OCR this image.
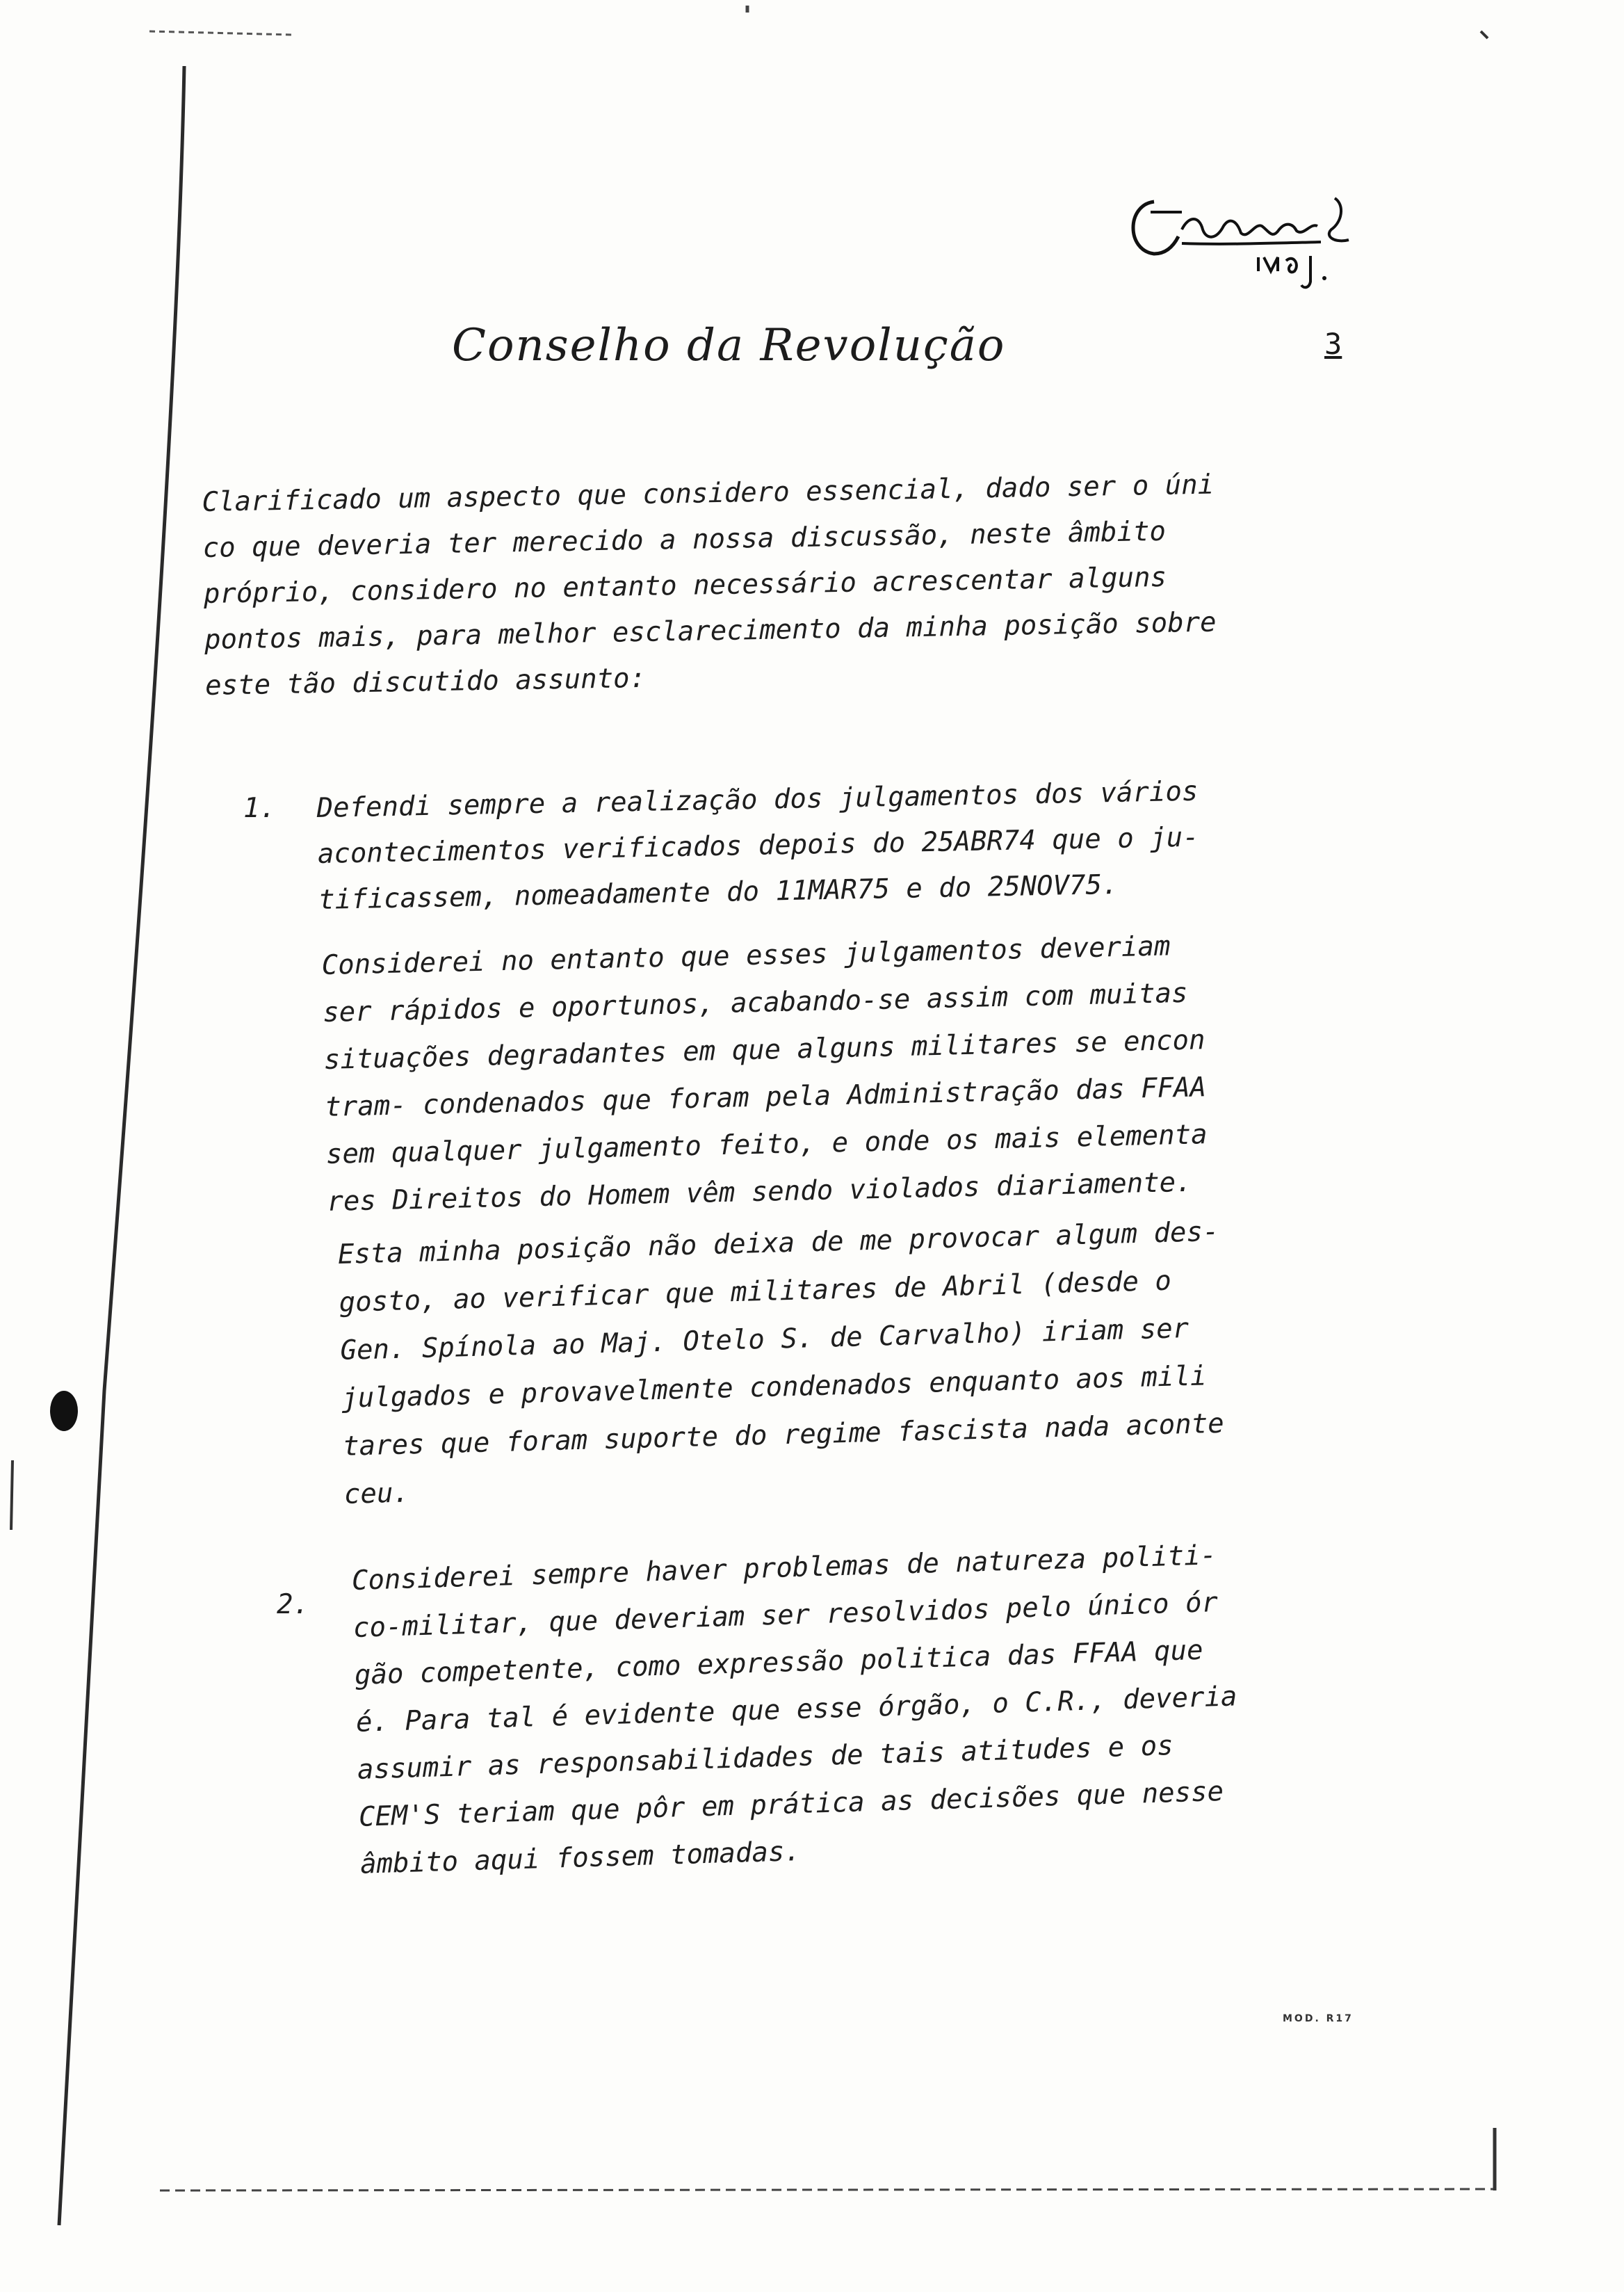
Conselho da Revolução	3
Clarificado um aspecto que considero essencial, dado ser o úni
co que deveria ter merecido a nossa discussão, neste âmbito
próprio, considero no entanto necessário acrescentar alguns
pontos mais, para melhor esclarecimento da minha posição sobre
este tão discutido assunto:
1. Defendi sempre a realização dos julgamentos dos vários
acontecimentos verificados depois do 25ABR74 que o ju-
tificassem, nomeadamente do 11MAR75 e do 25NOV75.
Considerei no entanto que esses julgamentos deveriam
ser rápidos e oportunos, acabando-se assim com muitas
situações degradantes em que alguns militares se encon
tram- condenados que foram pela Administração das FFAA
sem qualquer julgamento feito, e onde os mais elementa
res Direitos do Homem vêm sendo violados diariamente.
Esta minha posição não deixa de me provocar algum des-
gosto, ao verificar que militares de Abril (desde o
Gen. Spínola ao Maj. Otelo S. de Carvalho) iriam ser
julgados e provavelmente condenados enquanto aos mili
tares que foram suporte do regime fascista nada aconte
ceu.
2.
Considerei sempre haver problemas de natureza politi-
co-militar, que deveriam ser resolvidos pelo único ór
gão competente, como expressão politica das FFAA que
é. Para tal é evidente que esse órgão, o C.R., deveria
assumir as responsabilidades de tais atitudes e os
CEM'S teriam que pôr em prática as decisões que nesse
âmbito aqui fossem tomadas.
MOD. R17
